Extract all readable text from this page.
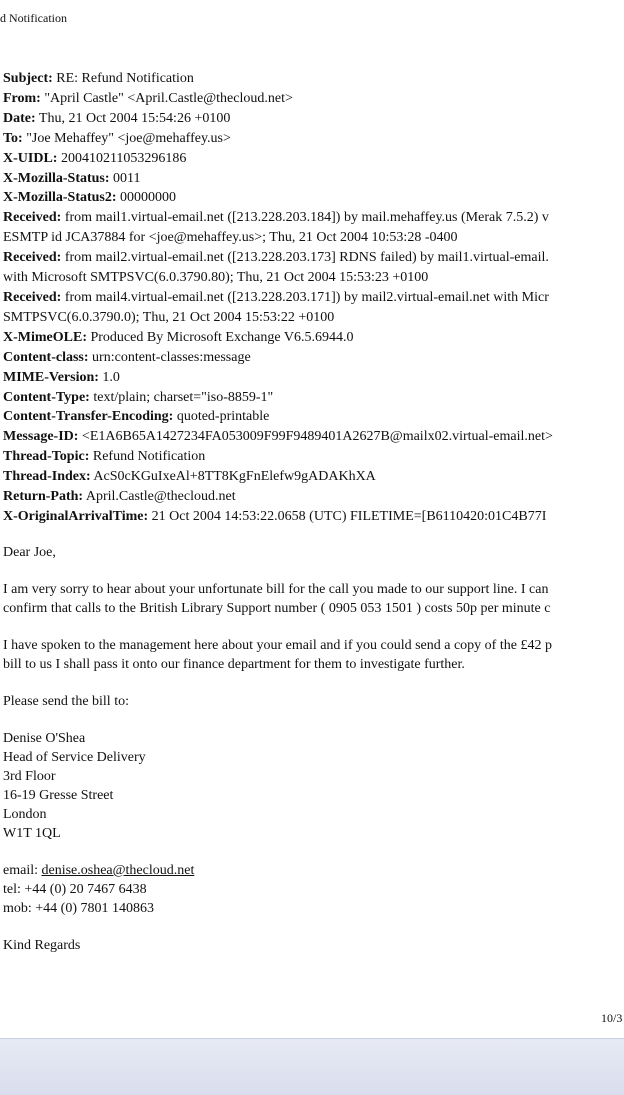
d Notification
Subject: RE: Refund Notification
From: "April Castle" <April.Castle@thecloud.net>
Date: Thu, 21 Oct 2004 15:54:26 +0100
To: "Joe Mehaffey" <joe@mehaffey.us>
X-UIDL: 200410211053296186
X-Mozilla-Status: 0011
X-Mozilla-Status2: 00000000
Received: from mail1.virtual-email.net ([213.228.203.184]) by mail.mehaffey.us (Merak 7.5.2) v
ESMTP id JCA37884 for <joe@mehaffey.us>; Thu, 21 Oct 2004 10:53:28 -0400
Received: from mail2.virtual-email.net ([213.228.203.173] RDNS failed) by mail1.virtual-email.
with Microsoft SMTPSVC(6.0.3790.80); Thu, 21 Oct 2004 15:53:23 +0100
Received: from mail4.virtual-email.net ([213.228.203.171]) by mail2.virtual-email.net with Micr
SMTPSVC(6.0.3790.0); Thu, 21 Oct 2004 15:53:22 +0100
X-MimeOLE: Produced By Microsoft Exchange V6.5.6944.0
Content-class: urn:content-classes:message
MIME-Version: 1.0
Content-Type: text/plain; charset="iso-8859-1"
Content-Transfer-Encoding: quoted-printable
Message-ID: <E1A6B65A1427234FA053009F99F9489401A2627B@mailx02.virtual-email.net>
Thread-Topic: Refund Notification
Thread-Index: AcS0cKGuIxeAl+8TT8KgFnElefw9gADAKhXA
Return-Path: April.Castle@thecloud.net
X-OriginalArrivalTime: 21 Oct 2004 14:53:22.0658 (UTC) FILETIME=[B6110420:01C4B77I
Dear Joe,
I am very sorry to hear about your unfortunate bill for the call you made to our support line. I can
confirm that calls to the British Library Support number ( 0905 053 1501 ) costs 50p per minute c
I have spoken to the management here about your email and if you could send a copy of the £42 p
bill to us I shall pass it onto our finance department for them to investigate further.
Please send the bill to:
Denise O'Shea
Head of Service Delivery
3rd Floor
16-19 Gresse Street
London
W1T 1QL
email: denise.oshea@thecloud.net
tel: +44 (0) 20 7467 6438
mob: +44 (0) 7801 140863
Kind Regards
10/3
